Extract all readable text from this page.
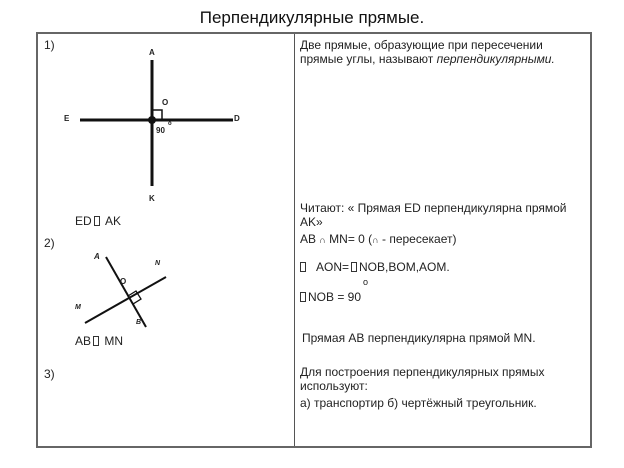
Перпендикулярные прямые.
1)
A
E	D
O
90
o
K
ED AK
2)
A
N
O
M
B
AB MN
3)
Две прямые, образующие при пересечении
прямые углы, называют перпендикулярными.
Читают: « Прямая ED перпендикулярна прямой
AK»
AB ∩ MN= 0 (∩ - пересекает)
AON= NOB,BOM,AOM.
o
NOB = 90
Прямая AB перпендикулярна прямой MN.
Для построения перпендикулярных прямых
используют:
а) транспортир б) чертёжный треугольник.
